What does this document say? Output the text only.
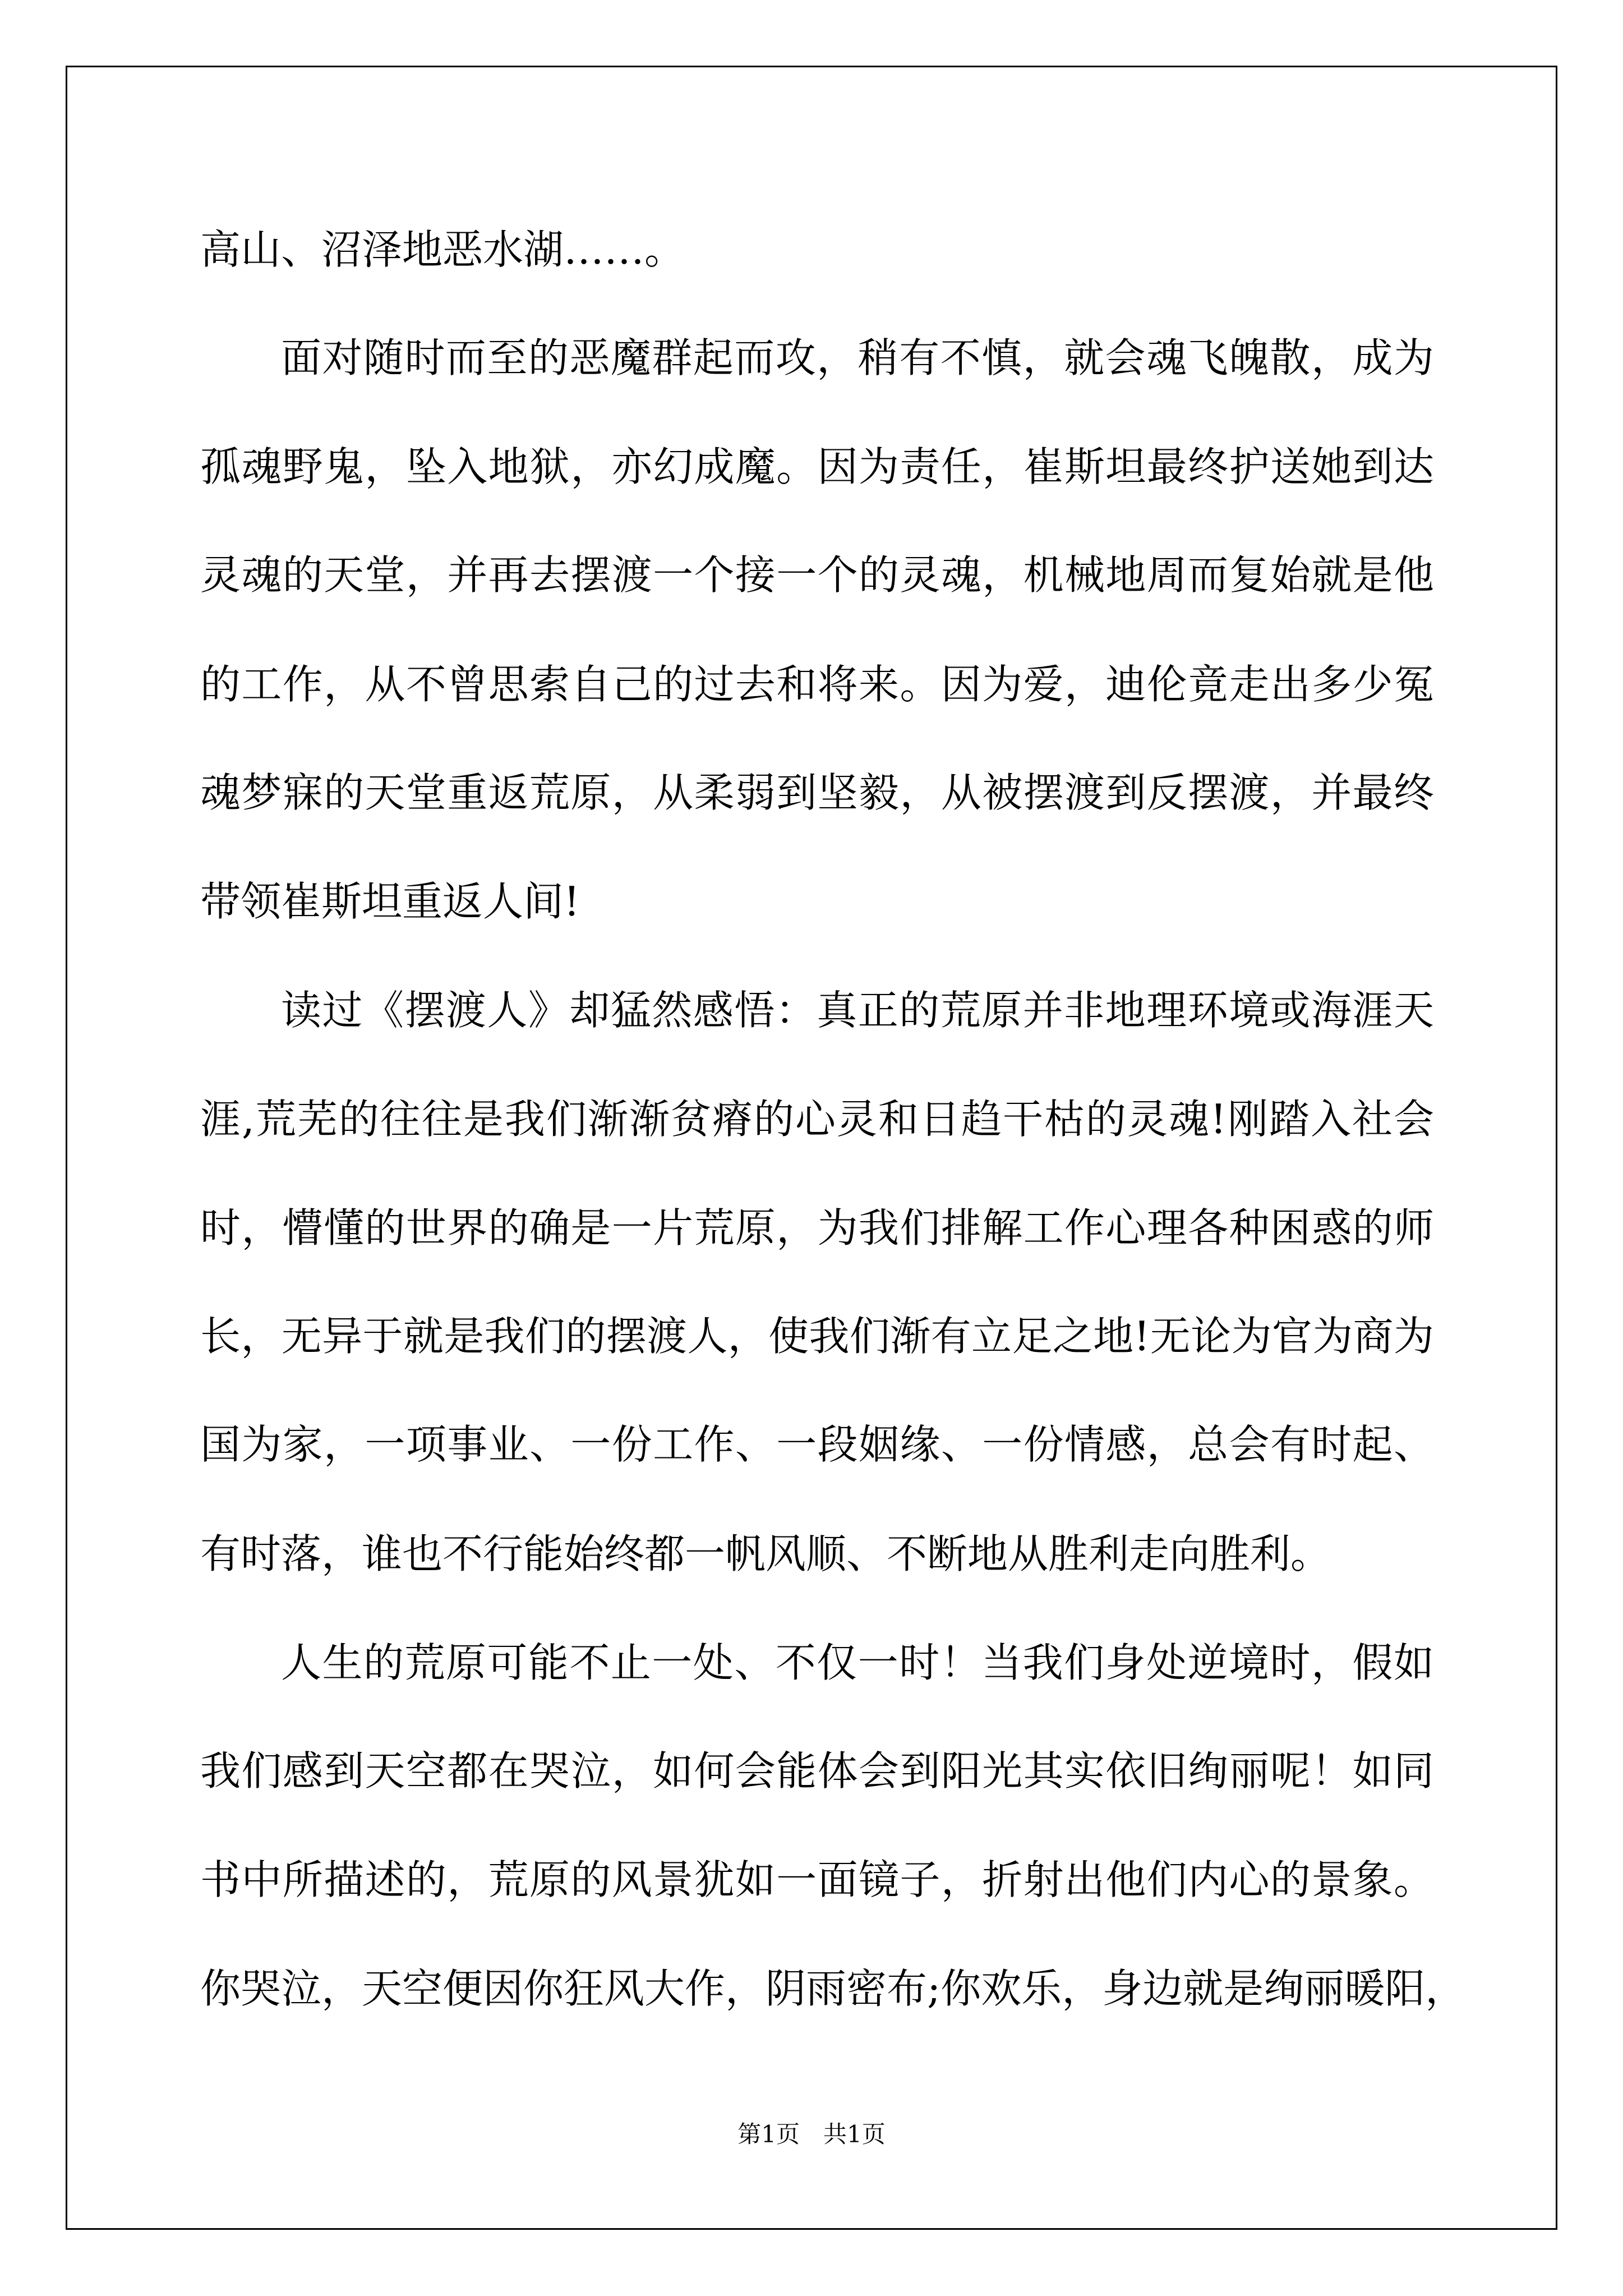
高山、沼泽地恶水湖……。
面对随时而至的恶魔群起而攻，稍有不慎，就会魂飞魄散，成为
孤魂野鬼，坠入地狱，亦幻成魔。因为责任，崔斯坦最终护送她到达
灵魂的天堂，并再去摆渡一个接一个的灵魂，机械地周而复始就是他
的工作，从不曾思索自己的过去和将来。因为爱，迪伦竟走出多少冤
魂梦寐的天堂重返荒原，从柔弱到坚毅，从被摆渡到反摆渡，并最终
带领崔斯坦重返人间!
读过《摆渡人》却猛然感悟：真正的荒原并非地理环境或海涯天
涯,荒芜的往往是我们渐渐贫瘠的心灵和日趋干枯的灵魂!刚踏入社会
时，懵懂的世界的确是一片荒原，为我们排解工作心理各种困惑的师
长，无异于就是我们的摆渡人，使我们渐有立足之地!无论为官为商为
国为家，一项事业、一份工作、一段姻缘、一份情感，总会有时起、
有时落，谁也不行能始终都一帆风顺、不断地从胜利走向胜利。
人生的荒原可能不止一处、不仅一时！当我们身处逆境时，假如
我们感到天空都在哭泣，如何会能体会到阳光其实依旧绚丽呢！如同
书中所描述的，荒原的风景犹如一面镜子，折射出他们内心的景象。
你哭泣，天空便因你狂风大作，阴雨密布;你欢乐，身边就是绚丽暖阳，
第1页　共1页
